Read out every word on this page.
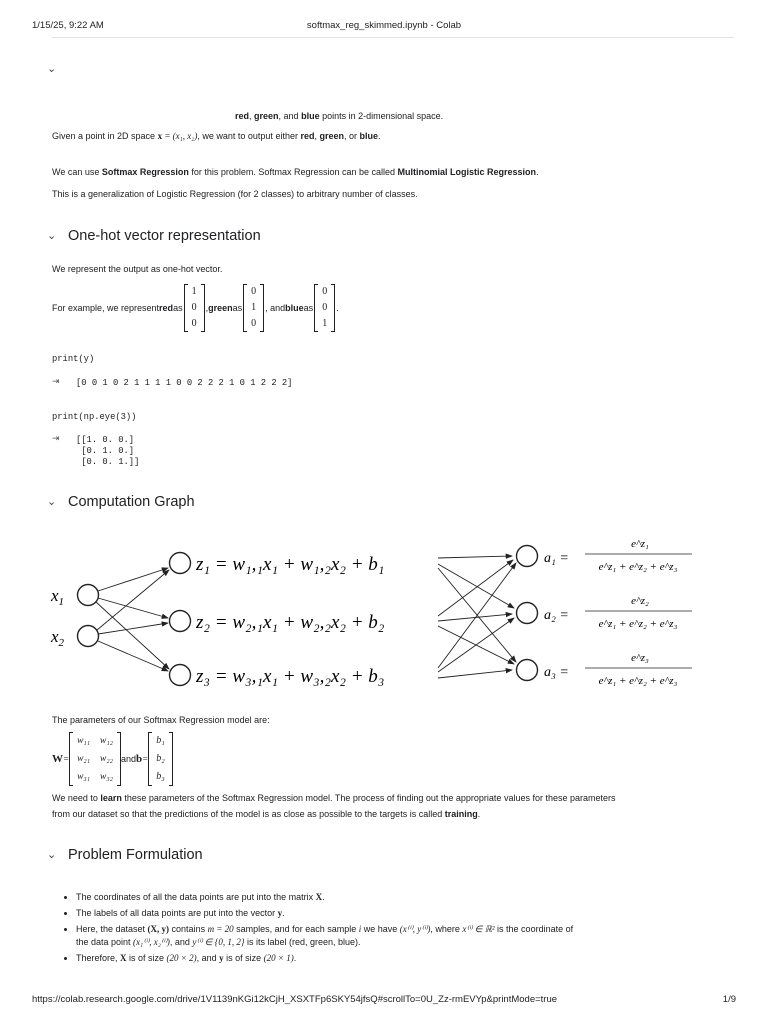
1/15/25, 9:22 AM	softmax_reg_skimmed.ipynb - Colab
⌄
red, green, and blue points in 2-dimensional space.
Given a point in 2D space x = (x₁, x₂), we want to output either red, green, or blue.
We can use Softmax Regression for this problem. Softmax Regression can be called Multinomial Logistic Regression.
This is a generalization of Logistic Regression (for 2 classes) to arbitrary number of classes.
⌄ One-hot vector representation
We represent the output as one-hot vector.
For example, we represent red as
1
0
0
, green as
0
1
0
, and blue as
0
0
1
.
print(y)
⇥ [0 0 1 0 2 1 1 1 1 0 0 2 2 2 1 0 1 2 2 2]
print(np.eye(3))
⇥ [[1. 0. 0.]
[0. 1. 0.]
[0. 0. 1.]]
⌄ Computation Graph
$x_1$
$x_2$
z₁ = w₁,₁x₁ + w₁,₂x₂ + b₁
z₂ = w₂,₁x₁ + w₂,₂x₂ + b₂
z₃ = w₃,₁x₁ + w₃,₂x₂ + b₃
a₁ =
e^z₁
e^z₁ + e^z₂ + e^z₃
a₂ =
e^z₂
e^z₁ + e^z₂ + e^z₃
a₃ =
e^z₃
e^z₁ + e^z₂ + e^z₃
The parameters of our Softmax Regression model are:
W =
w₁₁ w₁₂
w₂₁ w₂₂
w₃₁ w₃₂
and b =
b₁
b₂
b₃
We need to learn these parameters of the Softmax Regression model. The process of finding out the appropriate values for these parameters
from our dataset so that the predictions of the model is as close as possible to the targets is called training.
⌄ Problem Formulation
• The coordinates of all the data points are put into the matrix X.
• The labels of all data points are put into the vector y.
• Here, the dataset (X, y) contains m = 20 samples, and for each sample i we have (x⁽ⁱ⁾, y⁽ⁱ⁾), where x⁽ⁱ⁾ ∈ ℝ² is the coordinate of
the data point (x₁⁽ⁱ⁾, x₂⁽ⁱ⁾), and y⁽ⁱ⁾ ∈ {0, 1, 2} is its label (red, green, blue).
• Therefore, X is of size (20 × 2), and y is of size (20 × 1).
https://colab.research.google.com/drive/1V1139nKGi12kCjH_XSXTFp6SKY54jfsQ#scrollTo=0U_Zz-rmEVYp&printMode=true	1/9
